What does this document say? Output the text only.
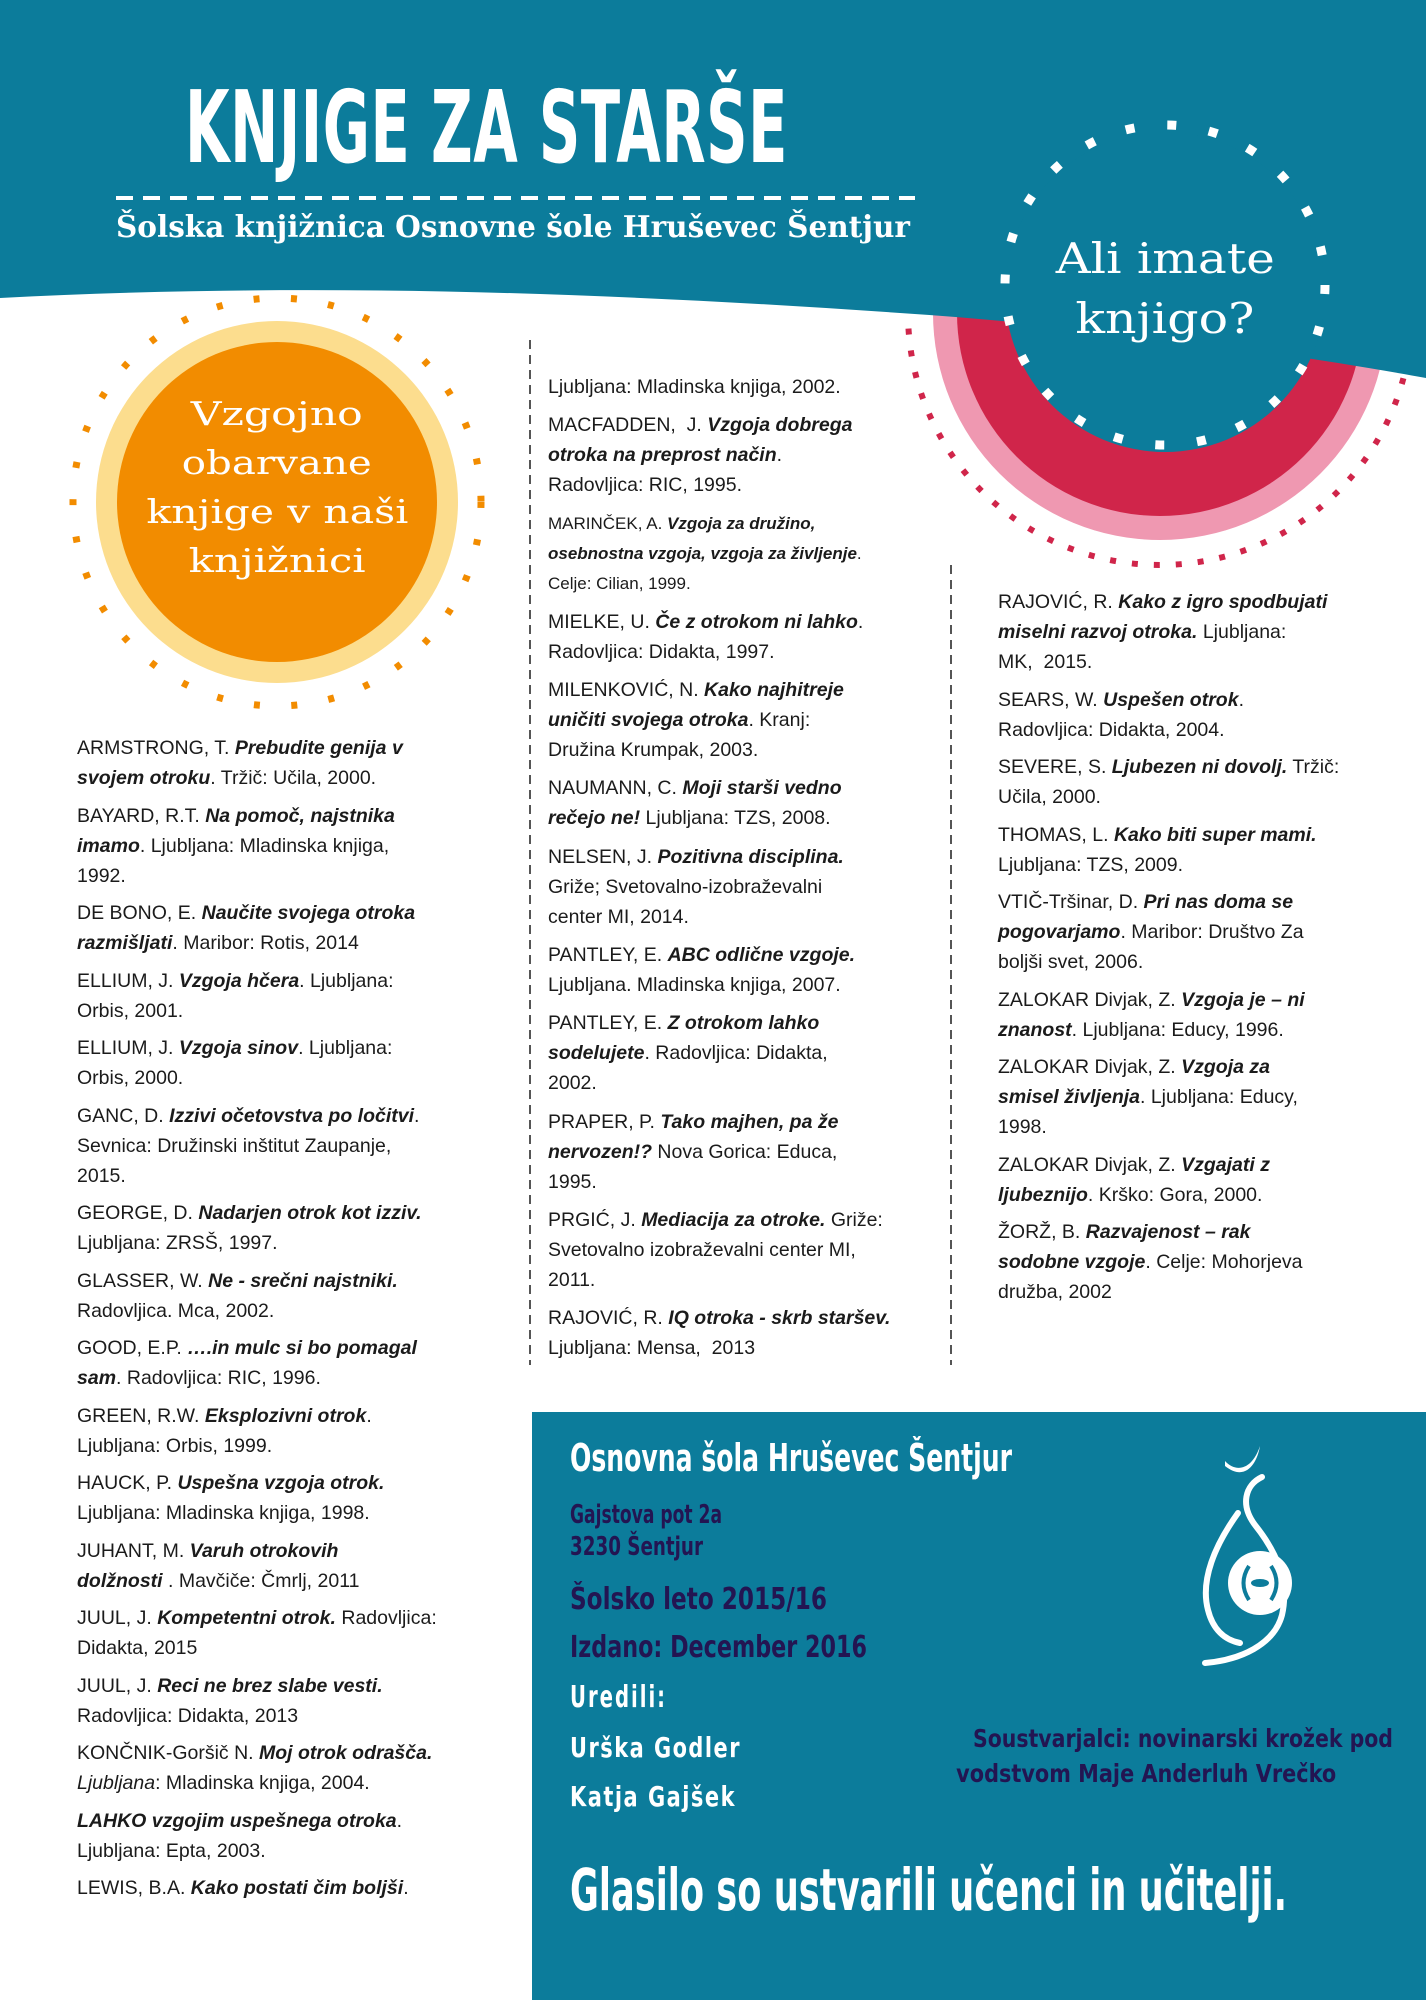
KNJIGE ZA STARŠE
Šolska knjižnica Osnovne šole Hruševec Šentjur
Vzgojno
obarvane
knjige v naši
knjižnici
Ali imate
knjigo?
ARMSTRONG, T. Prebudite genija v
svojem otroku. Tržič: Učila, 2000.
BAYARD, R.T. Na pomoč, najstnika
imamo. Ljubljana: Mladinska knjiga,
1992.
DE BONO, E. Naučite svojega otroka
razmišljati. Maribor: Rotis, 2014
ELLIUM, J. Vzgoja hčera. Ljubljana:
Orbis, 2001.
ELLIUM, J. Vzgoja sinov. Ljubljana:
Orbis, 2000.
GANC, D. Izzivi očetovstva po ločitvi.
Sevnica: Družinski inštitut Zaupanje,
2015.
GEORGE, D. Nadarjen otrok kot izziv.
Ljubljana: ZRSŠ, 1997.
GLASSER, W. Ne - srečni najstniki.
Radovljica. Mca, 2002.
GOOD, E.P. ….in mulc si bo pomagal
sam. Radovljica: RIC, 1996.
GREEN, R.W. Eksplozivni otrok.
Ljubljana: Orbis, 1999.
HAUCK, P. Uspešna vzgoja otrok.
Ljubljana: Mladinska knjiga, 1998.
JUHANT, M. Varuh otrokovih
dolžnosti . Mavčiče: Čmrlj, 2011
JUUL, J. Kompetentni otrok. Radovljica:
Didakta, 2015
JUUL, J. Reci ne brez slabe vesti.
Radovljica: Didakta, 2013
KONČNIK-Goršič N. Moj otrok odrašča.
Ljubljana: Mladinska knjiga, 2004.
LAHKO vzgojim uspešnega otroka.
Ljubljana: Epta, 2003.
LEWIS, B.A. Kako postati čim boljši.
Ljubljana: Mladinska knjiga, 2002.
MACFADDEN,  J. Vzgoja dobrega
otroka na preprost način.
Radovljica: RIC, 1995.
MARINČEK, A. Vzgoja za družino,
osebnostna vzgoja, vzgoja za življenje.
Celje: Cilian, 1999.
MIELKE, U. Če z otrokom ni lahko.
Radovljica: Didakta, 1997.
MILENKOVIĆ, N. Kako najhitreje
uničiti svojega otroka. Kranj:
Družina Krumpak, 2003.
NAUMANN, C. Moji starši vedno
rečejo ne! Ljubljana: TZS, 2008.
NELSEN, J. Pozitivna disciplina.
Griže; Svetovalno-izobraževalni
center MI, 2014.
PANTLEY, E. ABC odlične vzgoje.
Ljubljana. Mladinska knjiga, 2007.
PANTLEY, E. Z otrokom lahko
sodelujete. Radovljica: Didakta,
2002.
PRAPER, P. Tako majhen, pa že
nervozen!? Nova Gorica: Educa,
1995.
PRGIĆ, J. Mediacija za otroke. Griže:
Svetovalno izobraževalni center MI,
2011.
RAJOVIĆ, R. IQ otroka - skrb staršev.
Ljubljana: Mensa,  2013
RAJOVIĆ, R. Kako z igro spodbujati
miselni razvoj otroka. Ljubljana:
MK,  2015.
SEARS, W. Uspešen otrok.
Radovljica: Didakta, 2004.
SEVERE, S. Ljubezen ni dovolj. Tržič:
Učila, 2000.
THOMAS, L. Kako biti super mami.
Ljubljana: TZS, 2009.
VTIČ-Tršinar, D. Pri nas doma se
pogovarjamo. Maribor: Društvo Za
boljši svet, 2006.
ZALOKAR Divjak, Z. Vzgoja je – ni
znanost. Ljubljana: Educy, 1996.
ZALOKAR Divjak, Z. Vzgoja za
smisel življenja. Ljubljana: Educy,
1998.
ZALOKAR Divjak, Z. Vzgajati z
ljubeznijo. Krško: Gora, 2000.
ŽORŽ, B. Razvajenost – rak
sodobne vzgoje. Celje: Mohorjeva
družba, 2002
Osnovna šola Hruševec Šentjur
Gajstova pot 2a
3230 Šentjur
Šolsko leto 2015/16
Izdano: December 2016
Uredili:
Urška Godler
Katja Gajšek
Soustvarjalci: novinarski krožek pod
vodstvom Maje Anderluh Vrečko
Glasilo so ustvarili učenci in učitelji.
